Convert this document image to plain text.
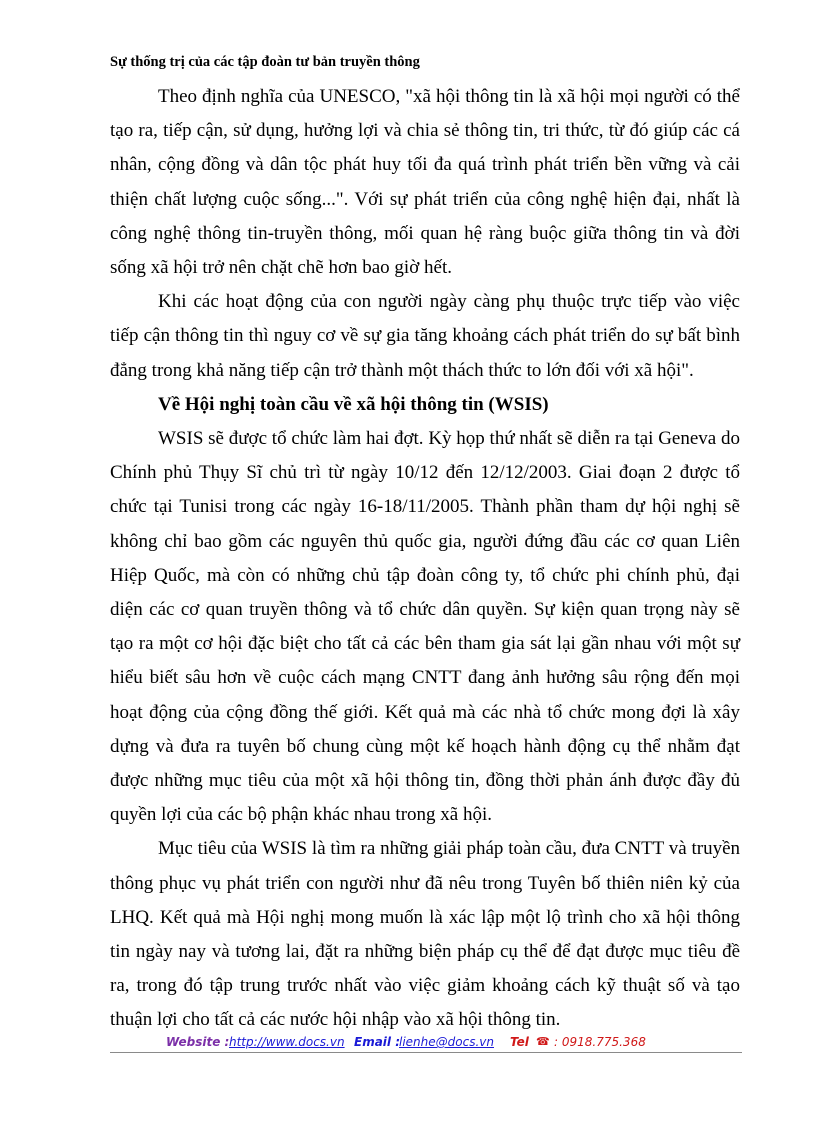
Sự thống trị của các tập đoàn tư bản truyền thông

Theo định nghĩa của UNESCO, "xã hội thông tin là xã hội mọi người có thể tạo ra, tiếp cận, sử dụng, hưởng lợi và chia sẻ thông tin, tri thức, từ đó giúp các cá nhân, cộng đồng và dân tộc phát huy tối đa quá trình phát triển bền vững và cải thiện chất lượng cuộc sống...". Với sự phát triển của công nghệ hiện đại, nhất là công nghệ thông tin-truyền thông, mối quan hệ ràng buộc giữa thông tin và đời sống xã hội trở nên chặt chẽ hơn bao giờ hết.

Khi các hoạt động của con người ngày càng phụ thuộc trực tiếp vào việc tiếp cận thông tin thì nguy cơ về sự gia tăng khoảng cách phát triển do sự bất bình đẳng trong khả năng tiếp cận trở thành một thách thức to lớn đối với xã hội".

Về Hội nghị toàn cầu về xã hội thông tin (WSIS)

WSIS sẽ được tổ chức làm hai đợt. Kỳ họp thứ nhất sẽ diễn ra tại Geneva do Chính phủ Thụy Sĩ chủ trì từ ngày 10/12 đến 12/12/2003. Giai đoạn 2 được tổ chức tại Tunisi trong các ngày 16-18/11/2005. Thành phần tham dự hội nghị sẽ không chỉ bao gồm các nguyên thủ quốc gia, người đứng đầu các cơ quan Liên Hiệp Quốc, mà còn có những chủ tập đoàn công ty, tổ chức phi chính phủ, đại diện các cơ quan truyền thông và tổ chức dân quyền. Sự kiện quan trọng này sẽ tạo ra một cơ hội đặc biệt cho tất cả các bên tham gia sát lại gần nhau với một sự hiểu biết sâu hơn về cuộc cách mạng CNTT đang ảnh hưởng sâu rộng đến mọi hoạt động của cộng đồng thế giới. Kết quả mà các nhà tổ chức mong đợi là xây dựng và đưa ra tuyên bố chung cùng một kế hoạch hành động cụ thể nhằm đạt được những mục tiêu của một xã hội thông tin, đồng thời phản ánh được đầy đủ quyền lợi của các bộ phận khác nhau trong xã hội.

Mục tiêu của WSIS là tìm ra những giải pháp toàn cầu, đưa CNTT và truyền thông phục vụ phát triển con người như đã nêu trong Tuyên bố thiên niên kỷ của LHQ. Kết quả mà Hội nghị mong muốn là xác lập một lộ trình cho xã hội thông tin ngày nay và tương lai, đặt ra những biện pháp cụ thể để đạt được mục tiêu đề ra, trong đó tập trung trước nhất vào việc giảm khoảng cách kỹ thuật số và tạo thuận lợi cho tất cả các nước hội nhập vào xã hội thông tin.

Website : http://www.docs.vn Email :
lienhe@docs.vn Tel ☎ : 0918.775.368
